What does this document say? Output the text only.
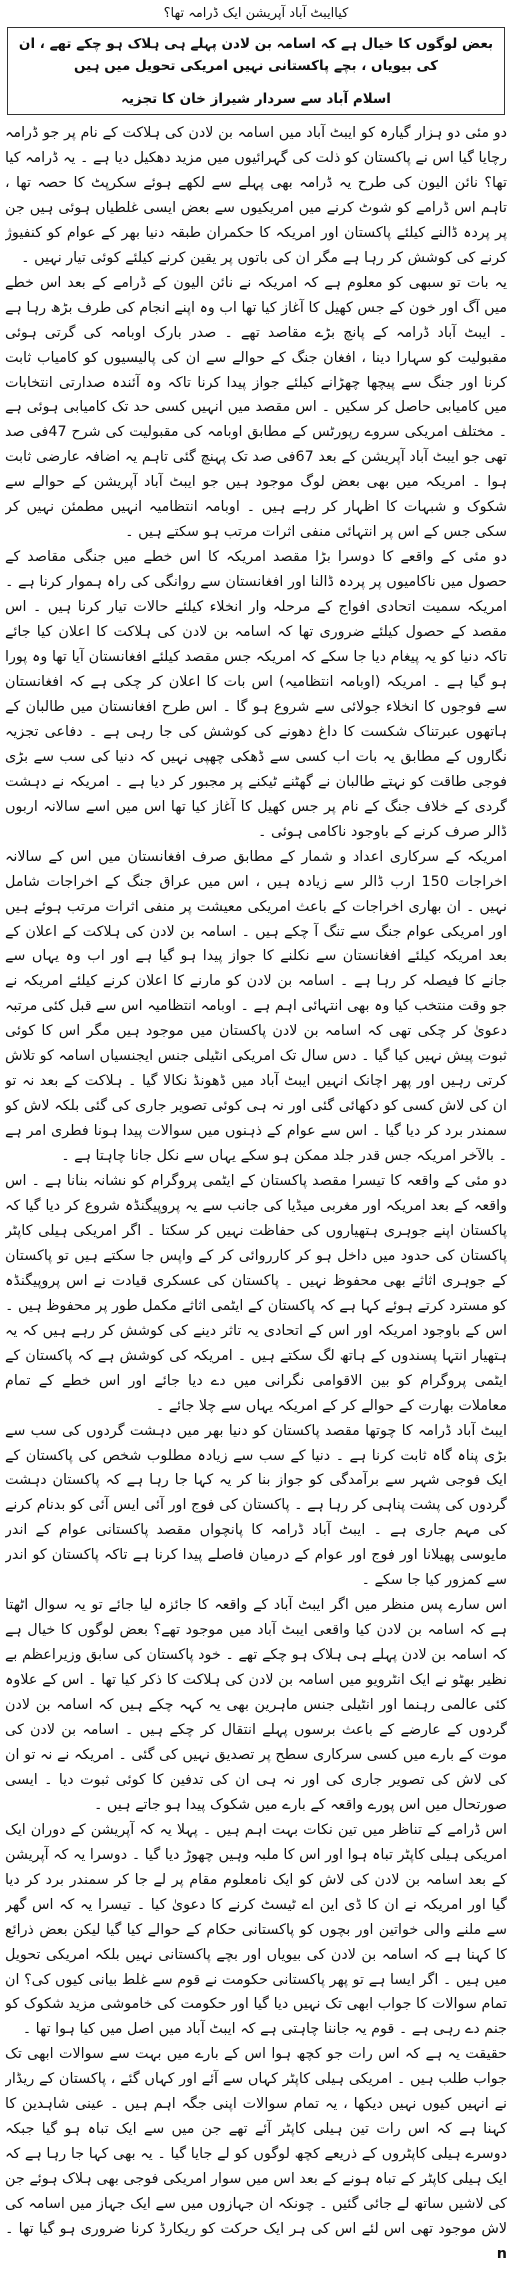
کیاایبٹ آباد آپریشن ایک ڈرامہ تھا؟

بعض لوگوں کا خیال ہے کہ اسامہ بن لادن پہلے ہی ہلاک ہو چکے تھے ، ان کی بیویاں ، بچے پاکستانی نہیں امریکی تحویل میں ہیں

اسلام آباد سے سردار شیراز خان کا تجزیہ

دو مئی دو ہزار گیارہ کو ایبٹ آباد میں اسامہ بن لادن کی ہلاکت کے نام پر جو ڈرامہ رچایا گیا اس نے پاکستان کو ذلت کی گہرائیوں میں مزید دھکیل دیا ہے ۔ یہ ڈرامہ کیا تھا؟ نائن الیون کی طرح یہ ڈرامہ بھی پہلے سے لکھے ہوئے سکرپٹ کا حصہ تھا ، تاہم اس ڈرامے کو شوٹ کرنے میں امریکیوں سے بعض ایسی غلطیاں ہوئی ہیں جن پر پردہ ڈالنے کیلئے پاکستان اور امریکہ کا حکمران طبقہ دنیا بھر کے عوام کو کنفیوژ کرنے کی کوشش کر رہا ہے مگر ان کی باتوں پر یقین کرنے کیلئے کوئی تیار نہیں ۔

یہ بات تو سبھی کو معلوم ہے کہ امریکہ نے نائن الیون کے ڈرامے کے بعد اس خطے میں آگ اور خون کے جس کھیل کا آغاز کیا تھا اب وہ اپنے انجام کی طرف بڑھ رہا ہے ۔ ایبٹ آباد ڈرامہ کے پانچ بڑے مقاصد تھے ۔ صدر بارک اوبامہ کی گرتی ہوئی مقبولیت کو سہارا دینا ، افغان جنگ کے حوالے سے ان کی پالیسیوں کو کامیاب ثابت کرنا اور جنگ سے پیچھا چھڑانے کیلئے جواز پیدا کرنا تاکہ وہ آئندہ صدارتی انتخابات میں کامیابی حاصل کر سکیں ۔ اس مقصد میں انہیں کسی حد تک کامیابی ہوئی ہے ۔ مختلف امریکی سروے رپورٹس کے مطابق اوبامہ کی مقبولیت کی شرح 47فی صد تھی جو ایبٹ آباد آپریشن کے بعد 67فی صد تک پہنچ گئی تاہم یہ اضافہ عارضی ثابت ہوا ۔ امریکہ میں بھی بعض لوگ موجود ہیں جو ایبٹ آباد آپریشن کے حوالے سے شکوک و شبہات کا اظہار کر رہے ہیں ۔ اوبامہ انتظامیہ انہیں مطمئن نہیں کر سکی جس کے اس پر انتہائی منفی اثرات مرتب ہو سکتے ہیں ۔

دو مئی کے واقعے کا دوسرا بڑا مقصد امریکہ کا اس خطے میں جنگی مقاصد کے حصول میں ناکامیوں پر پردہ ڈالنا اور افغانستان سے روانگی کی راہ ہموار کرنا ہے ۔ امریکہ سمیت اتحادی افواج کے مرحلہ وار انخلاء کیلئے حالات تیار کرنا ہیں ۔ اس مقصد کے حصول کیلئے ضروری تھا کہ اسامہ بن لادن کی ہلاکت کا اعلان کیا جائے تاکہ دنیا کو یہ پیغام دیا جا سکے کہ امریکہ جس مقصد کیلئے افغانستان آیا تھا وہ پورا ہو گیا ہے ۔ امریکہ (اوبامہ انتظامیہ) اس بات کا اعلان کر چکی ہے کہ افغانستان سے فوجوں کا انخلاء جولائی سے شروع ہو گا ۔ اس طرح افغانستان میں طالبان کے ہاتھوں عبرتناک شکست کا داغ دھونے کی کوشش کی جا رہی ہے ۔ دفاعی تجزیہ نگاروں کے مطابق یہ بات اب کسی سے ڈھکی چھپی نہیں کہ دنیا کی سب سے بڑی فوجی طاقت کو نہتے طالبان نے گھٹنے ٹیکنے پر مجبور کر دیا ہے ۔ امریکہ نے دہشت گردی کے خلاف جنگ کے نام پر جس کھیل کا آغاز کیا تھا اس میں اسے سالانہ اربوں ڈالر صرف کرنے کے باوجود ناکامی ہوئی ۔

امریکہ کے سرکاری اعداد و شمار کے مطابق صرف افغانستان میں اس کے سالانہ اخراجات 150 ارب ڈالر سے زیادہ ہیں ، اس میں عراق جنگ کے اخراجات شامل نہیں ۔ ان بھاری اخراجات کے باعث امریکی معیشت پر منفی اثرات مرتب ہوئے ہیں اور امریکی عوام جنگ سے تنگ آ چکے ہیں ۔ اسامہ بن لادن کی ہلاکت کے اعلان کے بعد امریکہ کیلئے افغانستان سے نکلنے کا جواز پیدا ہو گیا ہے اور اب وہ یہاں سے جانے کا فیصلہ کر رہا ہے ۔ اسامہ بن لادن کو مارنے کا اعلان کرنے کیلئے امریکہ نے جو وقت منتخب کیا وہ بھی انتہائی اہم ہے ۔ اوبامہ انتظامیہ اس سے قبل کئی مرتبہ دعویٰ کر چکی تھی کہ اسامہ بن لادن پاکستان میں موجود ہیں مگر اس کا کوئی ثبوت پیش نہیں کیا گیا ۔ دس سال تک امریکی انٹیلی جنس ایجنسیاں اسامہ کو تلاش کرتی رہیں اور پھر اچانک انہیں ایبٹ آباد میں ڈھونڈ نکالا گیا ۔ ہلاکت کے بعد نہ تو ان کی لاش کسی کو دکھائی گئی اور نہ ہی کوئی تصویر جاری کی گئی بلکہ لاش کو سمندر برد کر دیا گیا ۔ اس سے عوام کے ذہنوں میں سوالات پیدا ہونا فطری امر ہے ۔ بالآخر امریکہ جس قدر جلد ممکن ہو سکے یہاں سے نکل جانا چاہتا ہے ۔

دو مئی کے واقعہ کا تیسرا مقصد پاکستان کے ایٹمی پروگرام کو نشانہ بنانا ہے ۔ اس واقعہ کے بعد امریکہ اور مغربی میڈیا کی جانب سے یہ پروپیگنڈہ شروع کر دیا گیا کہ پاکستان اپنے جوہری ہتھیاروں کی حفاظت نہیں کر سکتا ۔ اگر امریکی ہیلی کاپٹر پاکستان کی حدود میں داخل ہو کر کارروائی کر کے واپس جا سکتے ہیں تو پاکستان کے جوہری اثاثے بھی محفوظ نہیں ۔ پاکستان کی عسکری قیادت نے اس پروپیگنڈہ کو مسترد کرتے ہوئے کہا ہے کہ پاکستان کے ایٹمی اثاثے مکمل طور پر محفوظ ہیں ۔ اس کے باوجود امریکہ اور اس کے اتحادی یہ تاثر دینے کی کوشش کر رہے ہیں کہ یہ ہتھیار انتہا پسندوں کے ہاتھ لگ سکتے ہیں ۔ امریکہ کی کوشش ہے کہ پاکستان کے ایٹمی پروگرام کو بین الاقوامی نگرانی میں دے دیا جائے اور اس خطے کے تمام معاملات بھارت کے حوالے کر کے امریکہ یہاں سے چلا جائے ۔

ایبٹ آباد ڈرامہ کا چوتھا مقصد پاکستان کو دنیا بھر میں دہشت گردوں کی سب سے بڑی پناہ گاہ ثابت کرنا ہے ۔ دنیا کے سب سے زیادہ مطلوب شخص کی پاکستان کے ایک فوجی شہر سے برآمدگی کو جواز بنا کر یہ کہا جا رہا ہے کہ پاکستان دہشت گردوں کی پشت پناہی کر رہا ہے ۔ پاکستان کی فوج اور آئی ایس آئی کو بدنام کرنے کی مہم جاری ہے ۔ ایبٹ آباد ڈرامہ کا پانچواں مقصد پاکستانی عوام کے اندر مایوسی پھیلانا اور فوج اور عوام کے درمیان فاصلے پیدا کرنا ہے تاکہ پاکستان کو اندر سے کمزور کیا جا سکے ۔

اس سارے پس منظر میں اگر ایبٹ آباد کے واقعہ کا جائزہ لیا جائے تو یہ سوال اٹھتا ہے کہ اسامہ بن لادن کیا واقعی ایبٹ آباد میں موجود تھے؟ بعض لوگوں کا خیال ہے کہ اسامہ بن لادن پہلے ہی ہلاک ہو چکے تھے ۔ خود پاکستان کی سابق وزیراعظم بے نظیر بھٹو نے ایک انٹرویو میں اسامہ بن لادن کی ہلاکت کا ذکر کیا تھا ۔ اس کے علاوہ کئی عالمی رہنما اور انٹیلی جنس ماہرین بھی یہ کہہ چکے ہیں کہ اسامہ بن لادن گردوں کے عارضے کے باعث برسوں پہلے انتقال کر چکے ہیں ۔ اسامہ بن لادن کی موت کے بارے میں کسی سرکاری سطح پر تصدیق نہیں کی گئی ۔ امریکہ نے نہ تو ان کی لاش کی تصویر جاری کی اور نہ ہی ان کی تدفین کا کوئی ثبوت دیا ۔ ایسی صورتحال میں اس پورے واقعہ کے بارے میں شکوک پیدا ہو جاتے ہیں ۔

اس ڈرامے کے تناظر میں تین نکات بہت اہم ہیں ۔ پہلا یہ کہ آپریشن کے دوران ایک امریکی ہیلی کاپٹر تباہ ہوا اور اس کا ملبہ وہیں چھوڑ دیا گیا ۔ دوسرا یہ کہ آپریشن کے بعد اسامہ بن لادن کی لاش کو ایک نامعلوم مقام پر لے جا کر سمندر برد کر دیا گیا اور امریکہ نے ان کا ڈی این اے ٹیسٹ کرنے کا دعویٰ کیا ۔ تیسرا یہ کہ اس گھر سے ملنے والی خواتین اور بچوں کو پاکستانی حکام کے حوالے کیا گیا لیکن بعض ذرائع کا کہنا ہے کہ اسامہ بن لادن کی بیویاں اور بچے پاکستانی نہیں بلکہ امریکی تحویل میں ہیں ۔ اگر ایسا ہے تو پھر پاکستانی حکومت نے قوم سے غلط بیانی کیوں کی؟ ان تمام سوالات کا جواب ابھی تک نہیں دیا گیا اور حکومت کی خاموشی مزید شکوک کو جنم دے رہی ہے ۔ قوم یہ جاننا چاہتی ہے کہ ایبٹ آباد میں اصل میں کیا ہوا تھا ۔

حقیقت یہ ہے کہ اس رات جو کچھ ہوا اس کے بارے میں بہت سے سوالات ابھی تک جواب طلب ہیں ۔ امریکی ہیلی کاپٹر کہاں سے آئے اور کہاں گئے ، پاکستان کے ریڈار نے انہیں کیوں نہیں دیکھا ، یہ تمام سوالات اپنی جگہ اہم ہیں ۔ عینی شاہدین کا کہنا ہے کہ اس رات تین ہیلی کاپٹر آئے تھے جن میں سے ایک تباہ ہو گیا جبکہ دوسرے ہیلی کاپٹروں کے ذریعے کچھ لوگوں کو لے جایا گیا ۔ یہ بھی کہا جا رہا ہے کہ ایک ہیلی کاپٹر کے تباہ ہونے کے بعد اس میں سوار امریکی فوجی بھی ہلاک ہوئے جن کی لاشیں ساتھ لے جائی گئیں ۔ چونکہ ان جہازوں میں سے ایک جہاز میں اسامہ کی لاش موجود تھی اس لئے اس کی ہر ایک حرکت کو ریکارڈ کرنا ضروری ہو گیا تھا ۔ n
